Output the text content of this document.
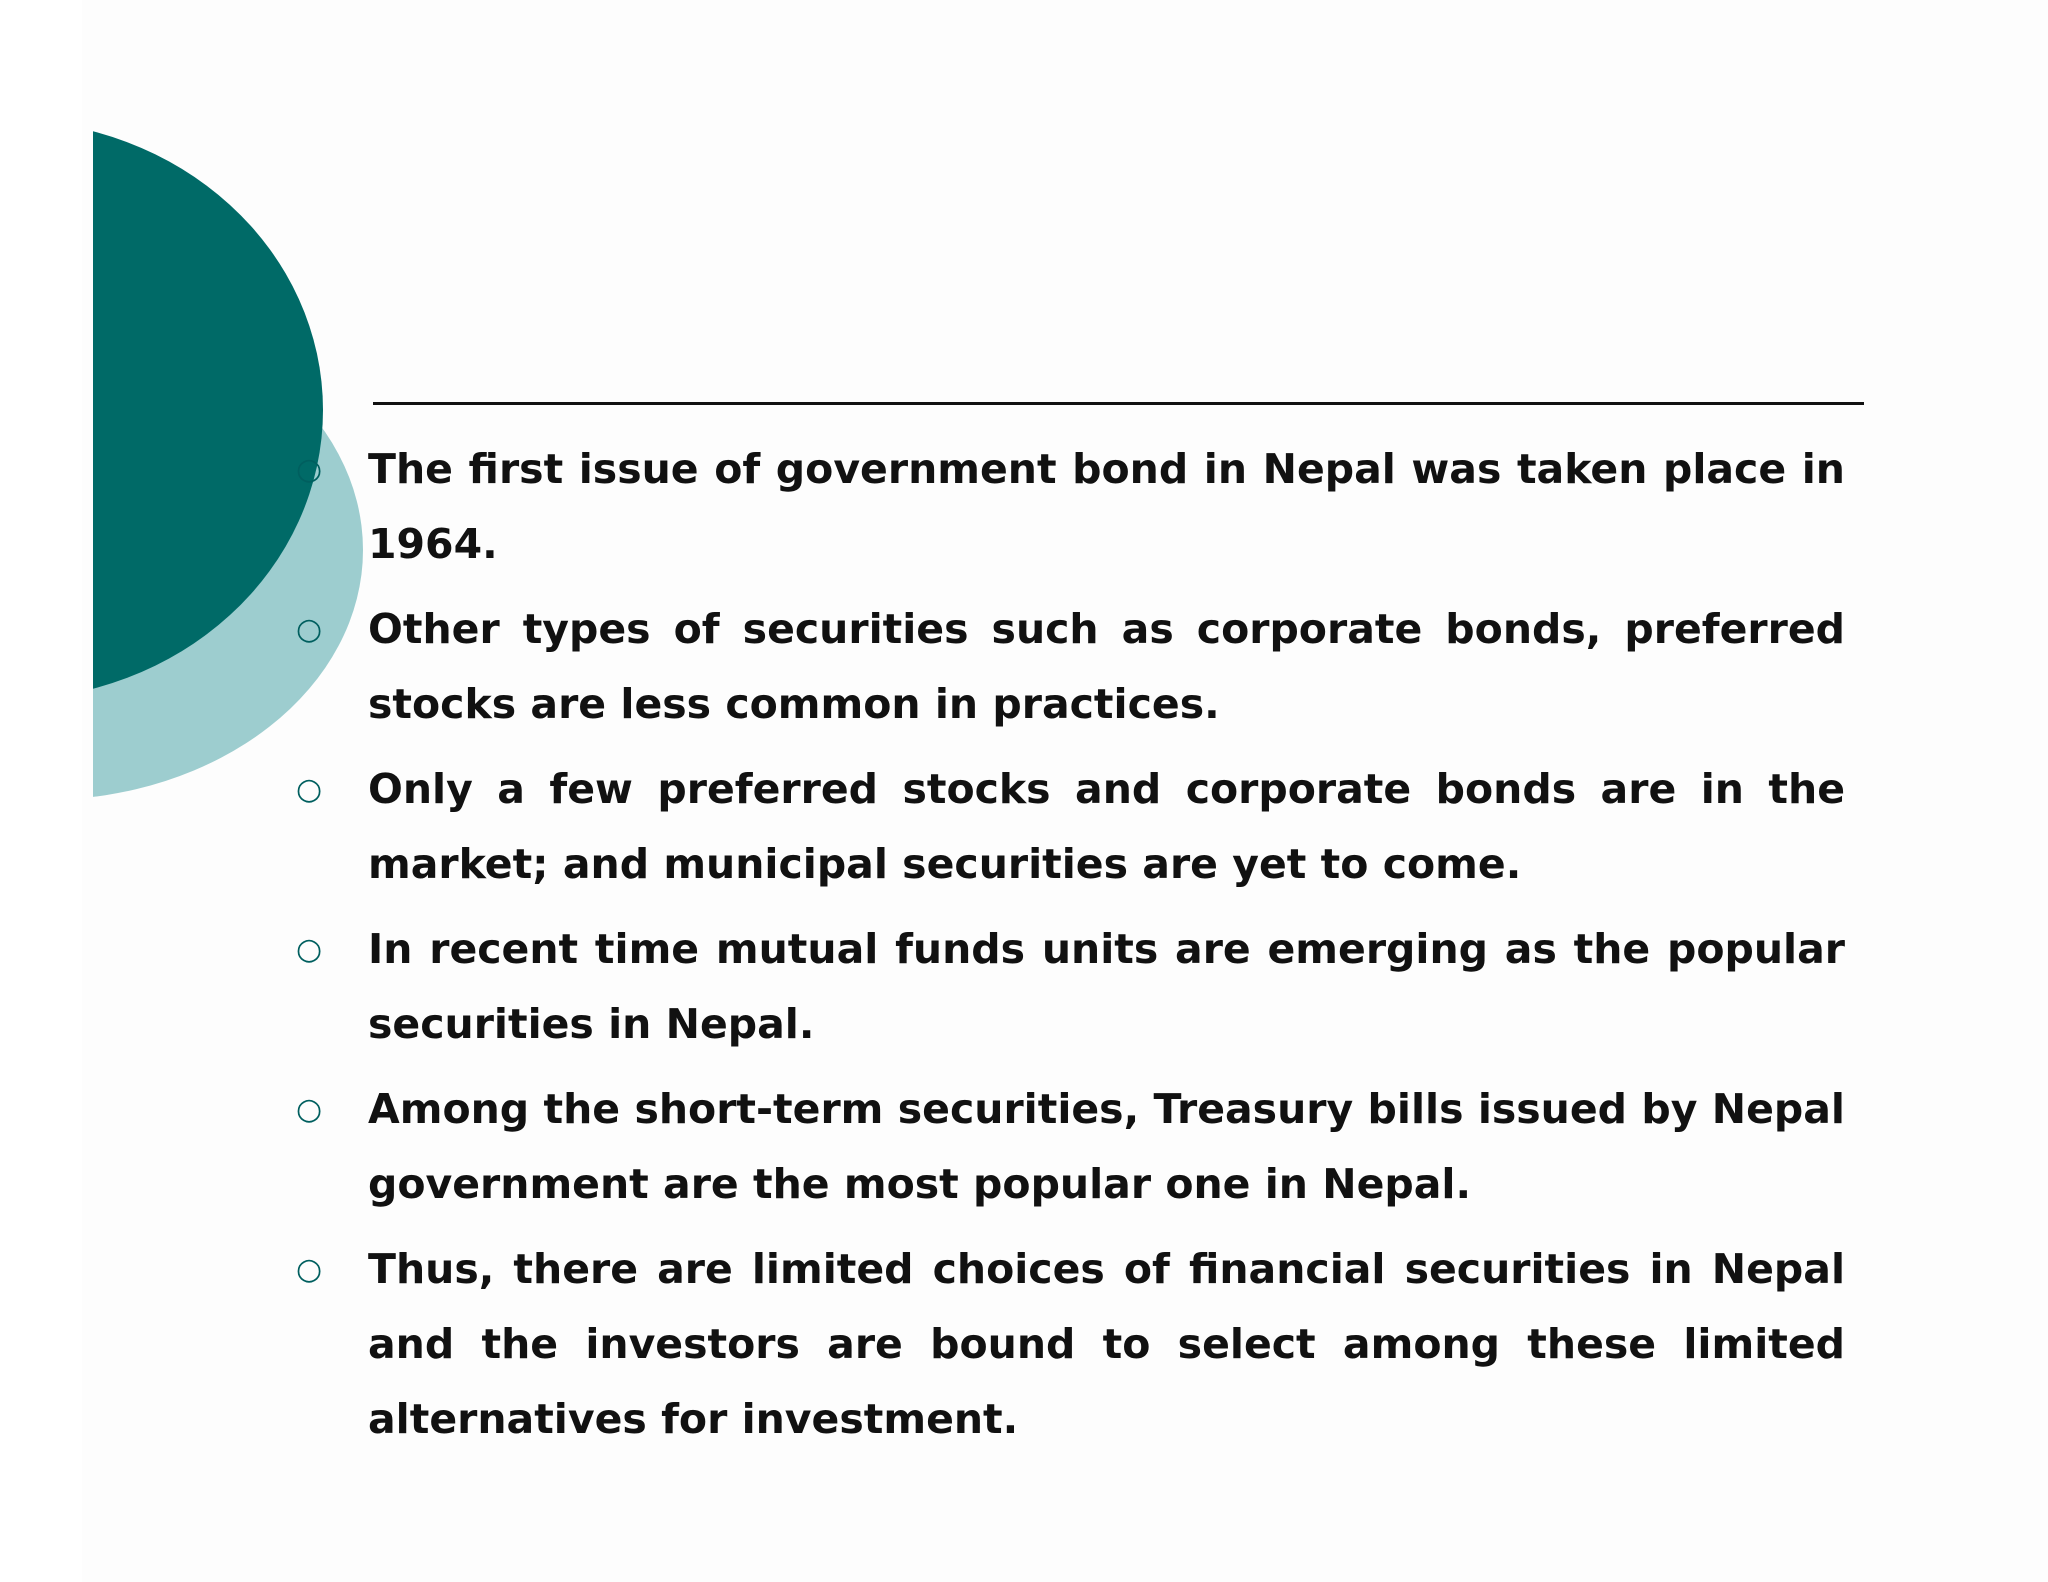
○	The first issue of government bond in Nepal was taken place in 1964.
○	Other types of securities such as corporate bonds, preferred stocks are less common in practices.
○	Only a few preferred stocks and corporate bonds are in the market; and municipal securities are yet to come.
○	In recent time mutual funds units are emerging as the popular securities in Nepal.
○	Among the short-term securities, Treasury bills issued by Nepal government are the most popular one in Nepal.
○	Thus, there are limited choices of financial securities in Nepal and the investors are bound to select among these limited alternatives for investment.
